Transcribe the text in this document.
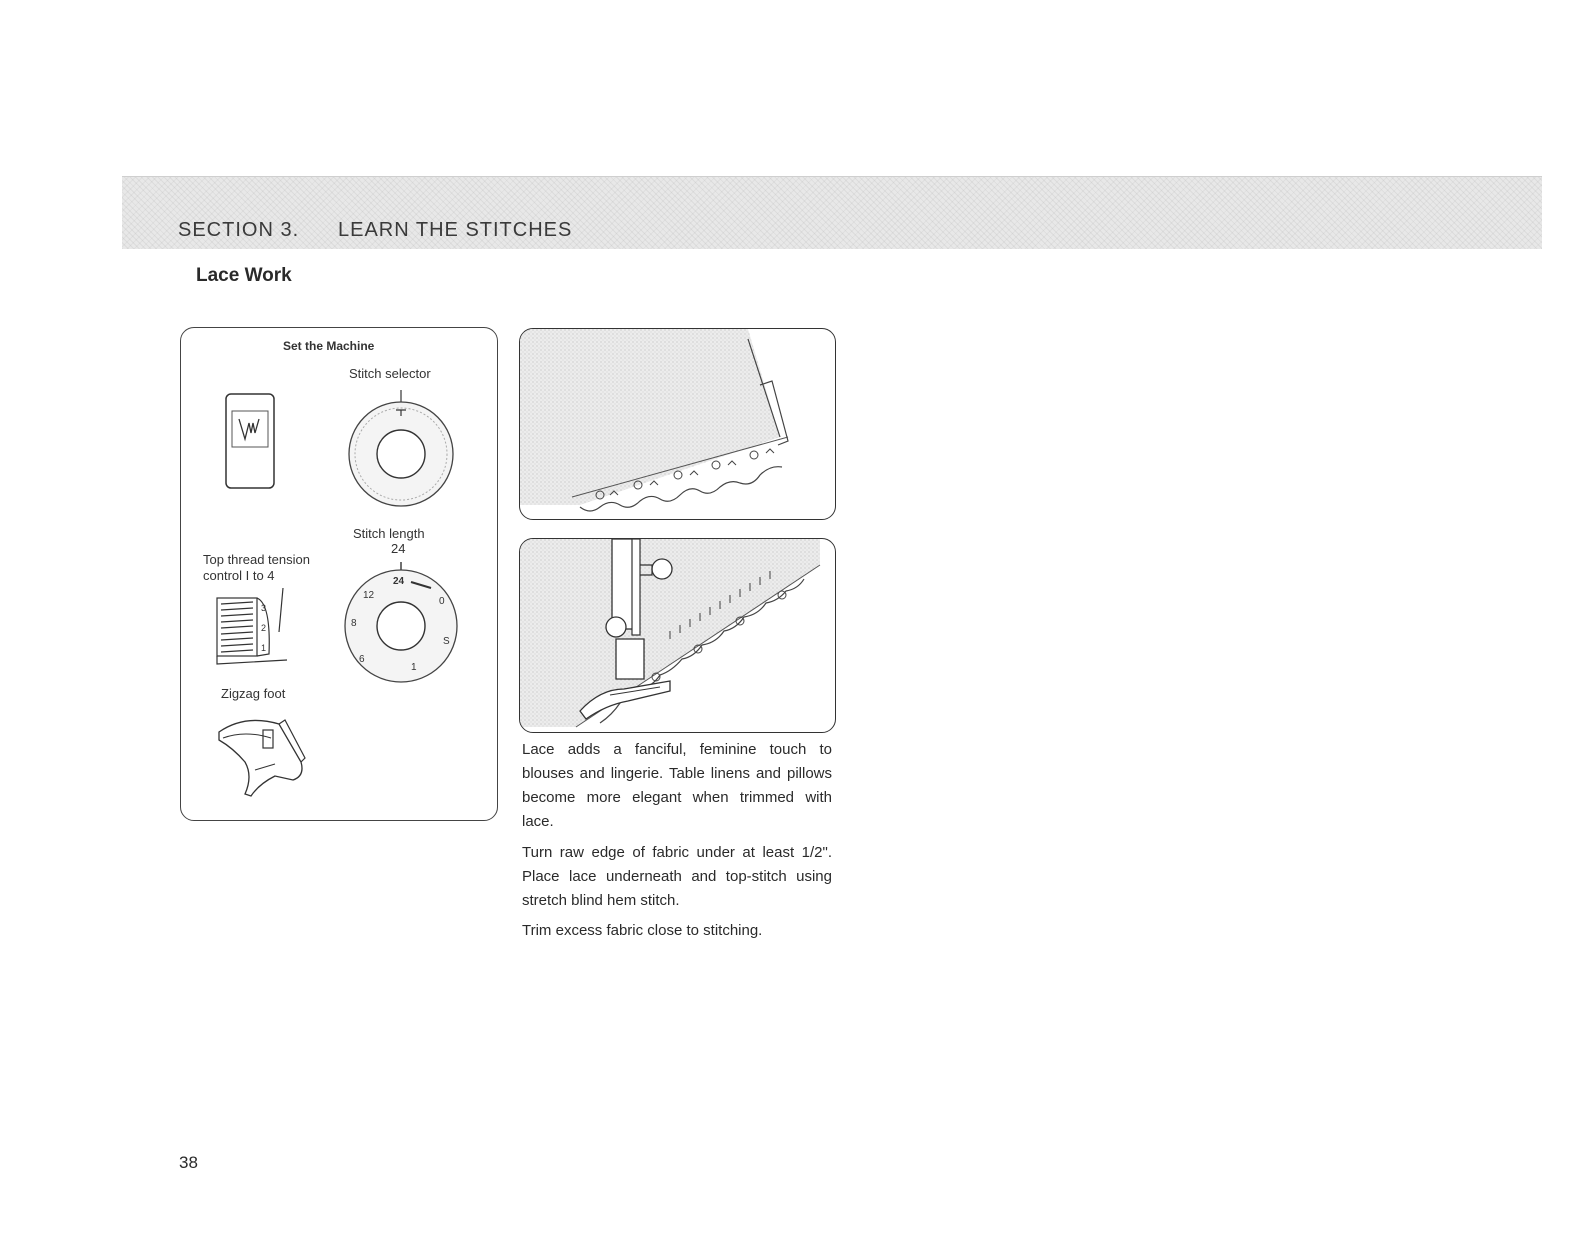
SECTION 3. LEARN THE STITCHES
Lace Work
Set the Machine
Stitch selector
Stitch length
24
Top thread tension
control I to 4
3
2
1
24
12
8
6
0
S
1
Zigzag foot
Lace adds a fanciful, feminine touch to blouses and lingerie. Table linens and pillows become more elegant when trimmed with lace.
Turn raw edge of fabric under at least 1/2". Place lace underneath and top-stitch using stretch blind hem stitch.
Trim excess fabric close to stitching.
38
